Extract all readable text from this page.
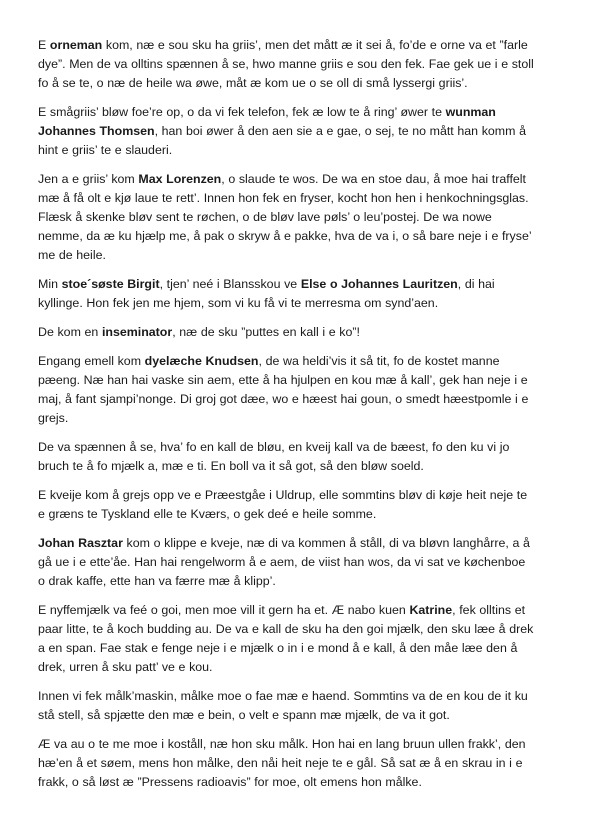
E orneman kom, næ e sou sku ha griis’, men det mått æ it sei å, fo’de e orne va et ”farle dye”. Men de va olltins spænnen å se, hwo manne griis e sou den fek. Fae gek ue i e stoll fo å se te, o næ de heile wa øwe, måt æ kom ue o se oll di små lyssergi griis’.

E smågriis’ bløw foe’re op, o da vi fek telefon, fek æ low te å ring’ øwer te wunman Johannes Thomsen, han boi øwer å den aen sie a e gae, o sej, te no mått han komm å hint e griis’ te e slauderi.

Jen a e griis’ kom Max Lorenzen, o slaude te wos. De wa en stoe dau, å moe hai traffelt mæ å få olt e kjø laue te rett’. Innen hon fek en fryser, kocht hon hen i henkochningsglas. Flæsk å skenke bløv sent te røchen, o de bløv lave pøls’ o leu’postej. De wa nowe nemme, da æ ku hjælp me, å pak o skryw å e pakke, hva de va i, o så bare neje i e fryse’ me de heile.

Min stoe´søste Birgit, tjen’ neé i Blansskou ve Else o Johannes Lauritzen, di hai kyllinge. Hon fek jen me hjem, som vi ku få vi te merresma om synd’aen.

De kom en inseminator, næ de sku ”puttes en kall i e ko”!

Engang emell kom dyelæche Knudsen, de wa heldi’vis it så tit, fo de kostet manne pæeng. Næ han hai vaske sin aem, ette å ha hjulpen en kou mæ å kall’, gek han neje i e maj, å fant sjampi’nonge. Di groj got dæe, wo e hæest hai goun, o smedt hæestpomle i e grejs.

De va spænnen å se, hva’ fo en kall de bløu, en kveij kall va de bæest, fo den ku vi jo bruch te å fo mjælk a, mæ e ti. En boll va it så got, så den bløw soeld.

E kveije kom å grejs opp ve e Præestgåe i Uldrup, elle sommtins bløv di køje heit neje te e græns te Tyskland elle te Kværs, o gek deé e heile somme.

Johan Rasztar kom o klippe e kveje, næ di va kommen å ståll, di va bløvn langhårre, a å gå ue i e ette’åe. Han hai rengelworm å e aem, de viist han wos, da vi sat ve køchenboe o drak kaffe, ette han va færre mæ å klipp’.

E nyffemjælk va feé o goi, men moe vill it gern ha et. Æ nabo kuen Katrine, fek olltins et paar litte, te å koch budding au. De va e kall de sku ha den goi mjælk, den sku læe å drek a en span. Fae stak e fenge neje i e mjælk o in i e mond å e kall, å den måe læe den å drek, urren å sku patt’ ve e kou.

Innen vi fek målk’maskin, målke moe o fae mæ e haend. Sommtins va de en kou de it ku stå stell, så spjætte den mæ e bein, o velt e spann mæ mjælk, de va it got.

Æ va au o te me moe i koståll, næ hon sku målk. Hon hai en lang bruun ullen frakk’, den hæ’en å et søem, mens hon målke, den nåi heit neje te e gål. Så sat æ å en skrau in i e frakk, o så løst æ ”Pressens radioavis” for moe, olt emens hon målke.
